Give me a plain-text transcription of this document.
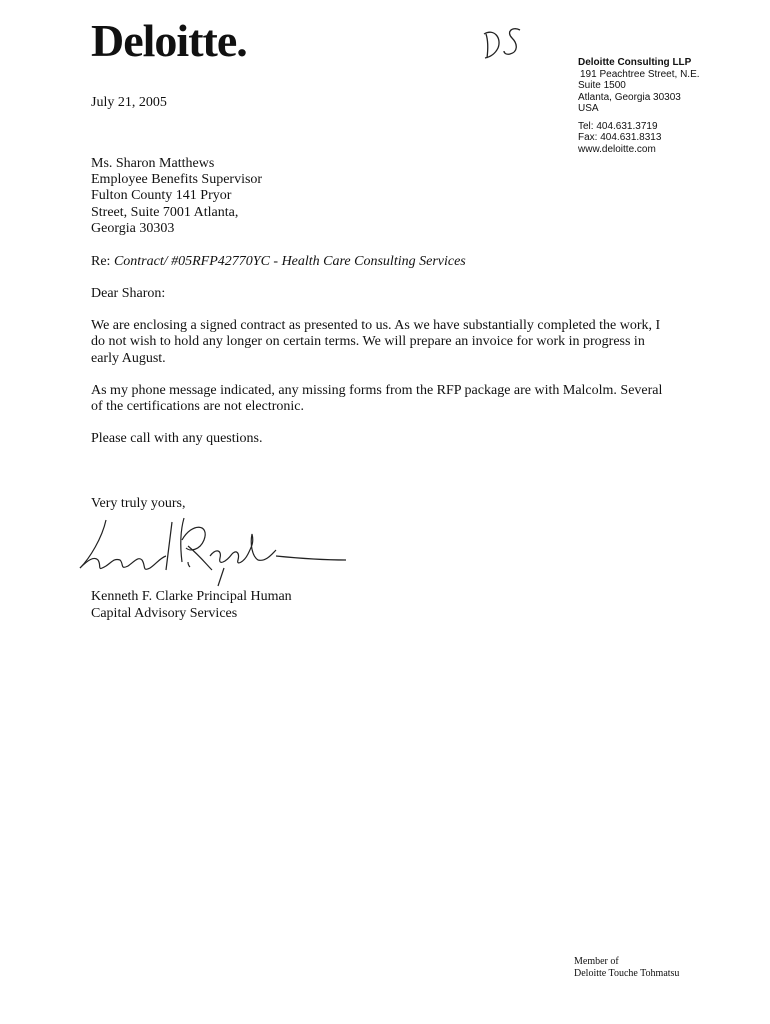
Deloitte.	Deloitte Consulting LLP
191 Peachtree Street, N.E.
Suite 1500
Atlanta, Georgia 30303
USA
Tel: 404.631.3719
Fax: 404.631.8313
www.deloitte.com
July 21, 2005
Ms. Sharon Matthews
Employee Benefits Supervisor
Fulton County 141 Pryor
Street, Suite 7001 Atlanta,
Georgia 30303
Re: Contract/ #05RFP42770YC - Health Care Consulting Services
Dear Sharon:
We are enclosing a signed contract as presented to us. As we have substantially completed the work, I
do not wish to hold any longer on certain terms. We will prepare an invoice for work in progress in
early August.
As my phone message indicated, any missing forms from the RFP package are with Malcolm. Several
of the certifications are not electronic.
Please call with any questions.
Very truly yours,
Kenneth F. Clarke Principal Human
Capital Advisory Services
Member of
Deloitte Touche Tohmatsu
